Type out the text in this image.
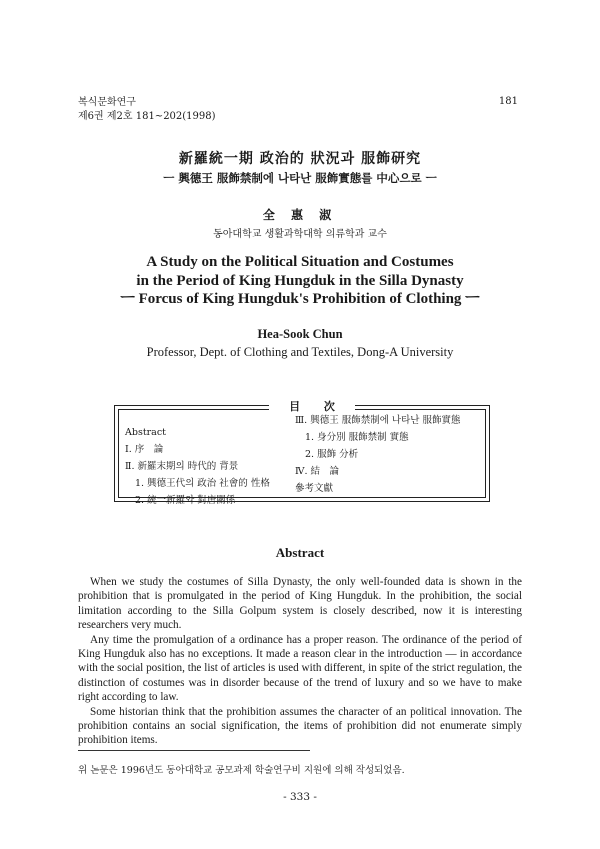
복식문화연구
제6권 제2호 181~202(1998)
181
新羅統一期 政治的 狀況과 服飾研究
ㅡ 興德王 服飾禁制에 나타난 服飾實態를 中心으로 ㅡ
全 惠 淑
동아대학교 생활과학대학 의류학과 교수
A Study on the Political Situation and Costumes
in the Period of King Hungduk in the Silla Dynasty
ㅡ Forcus of King Hungduk's Prohibition of Clothing ㅡ
Hea-Sook Chun
Professor, Dept. of Clothing and Textiles, Dong-A University
目 次
Abstract
Ⅰ. 序　論
Ⅱ. 新羅末期의 時代的 背景
1. 興德王代의 政治 社會的 性格
2. 統一新羅와 對唐關係
Ⅲ. 興德王 服飾禁制에 나타난 服飾實態
1. 身分別 服飾禁制 實態
2. 服飾 分析
Ⅳ. 結　論
參考文獻
Abstract

When we study the costumes of Silla Dynasty, the only well-founded data is shown in the prohibition that is promulgated in the period of King Hungduk. In the prohibition, the social limitation according to the Silla Golpum system is closely described, now it is interesting researchers very much.

Any time the promulgation of a ordinance has a proper reason. The ordinance of the period of King Hungduk also has no exceptions. It made a reason clear in the introduction — in accordance with the social position, the list of articles is used with different, in spite of the strict regulation, the distinction of costumes was in disorder because of the trend of luxury and so we have to make right according to law.

Some historian think that the prohibition assumes the character of an political innovation. The prohibition contains an social signification, the items of prohibition did not enumerate simply prohibition items.

위 논문은 1996년도 동아대학교 공모과제 학술연구비 지원에 의해 작성되었음.
- 333 -
